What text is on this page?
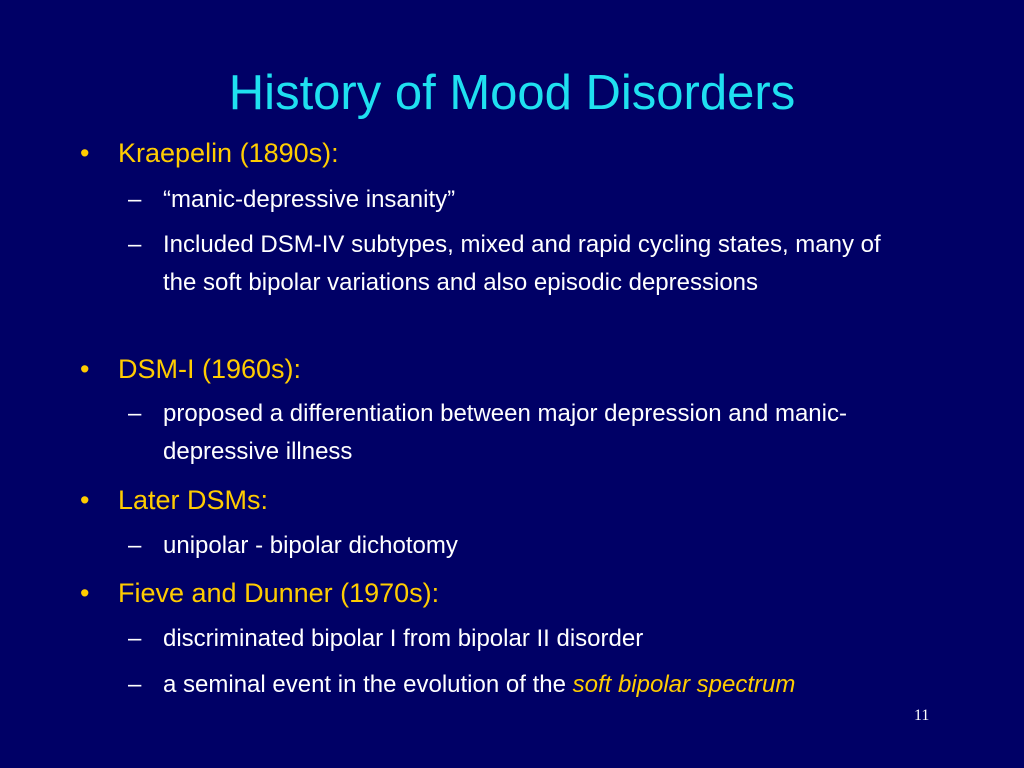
History of Mood Disorders
• Kraepelin (1890s):
– “manic-depressive insanity”
– Included DSM-IV subtypes, mixed and rapid cycling states, many of the soft bipolar variations and also episodic depressions
• DSM-I (1960s):
– proposed a differentiation between major depression and manic-depressive illness
• Later DSMs:
– unipolar - bipolar dichotomy
• Fieve and Dunner (1970s):
– discriminated bipolar I from bipolar II disorder
– a seminal event in the evolution of the soft bipolar spectrum
11
